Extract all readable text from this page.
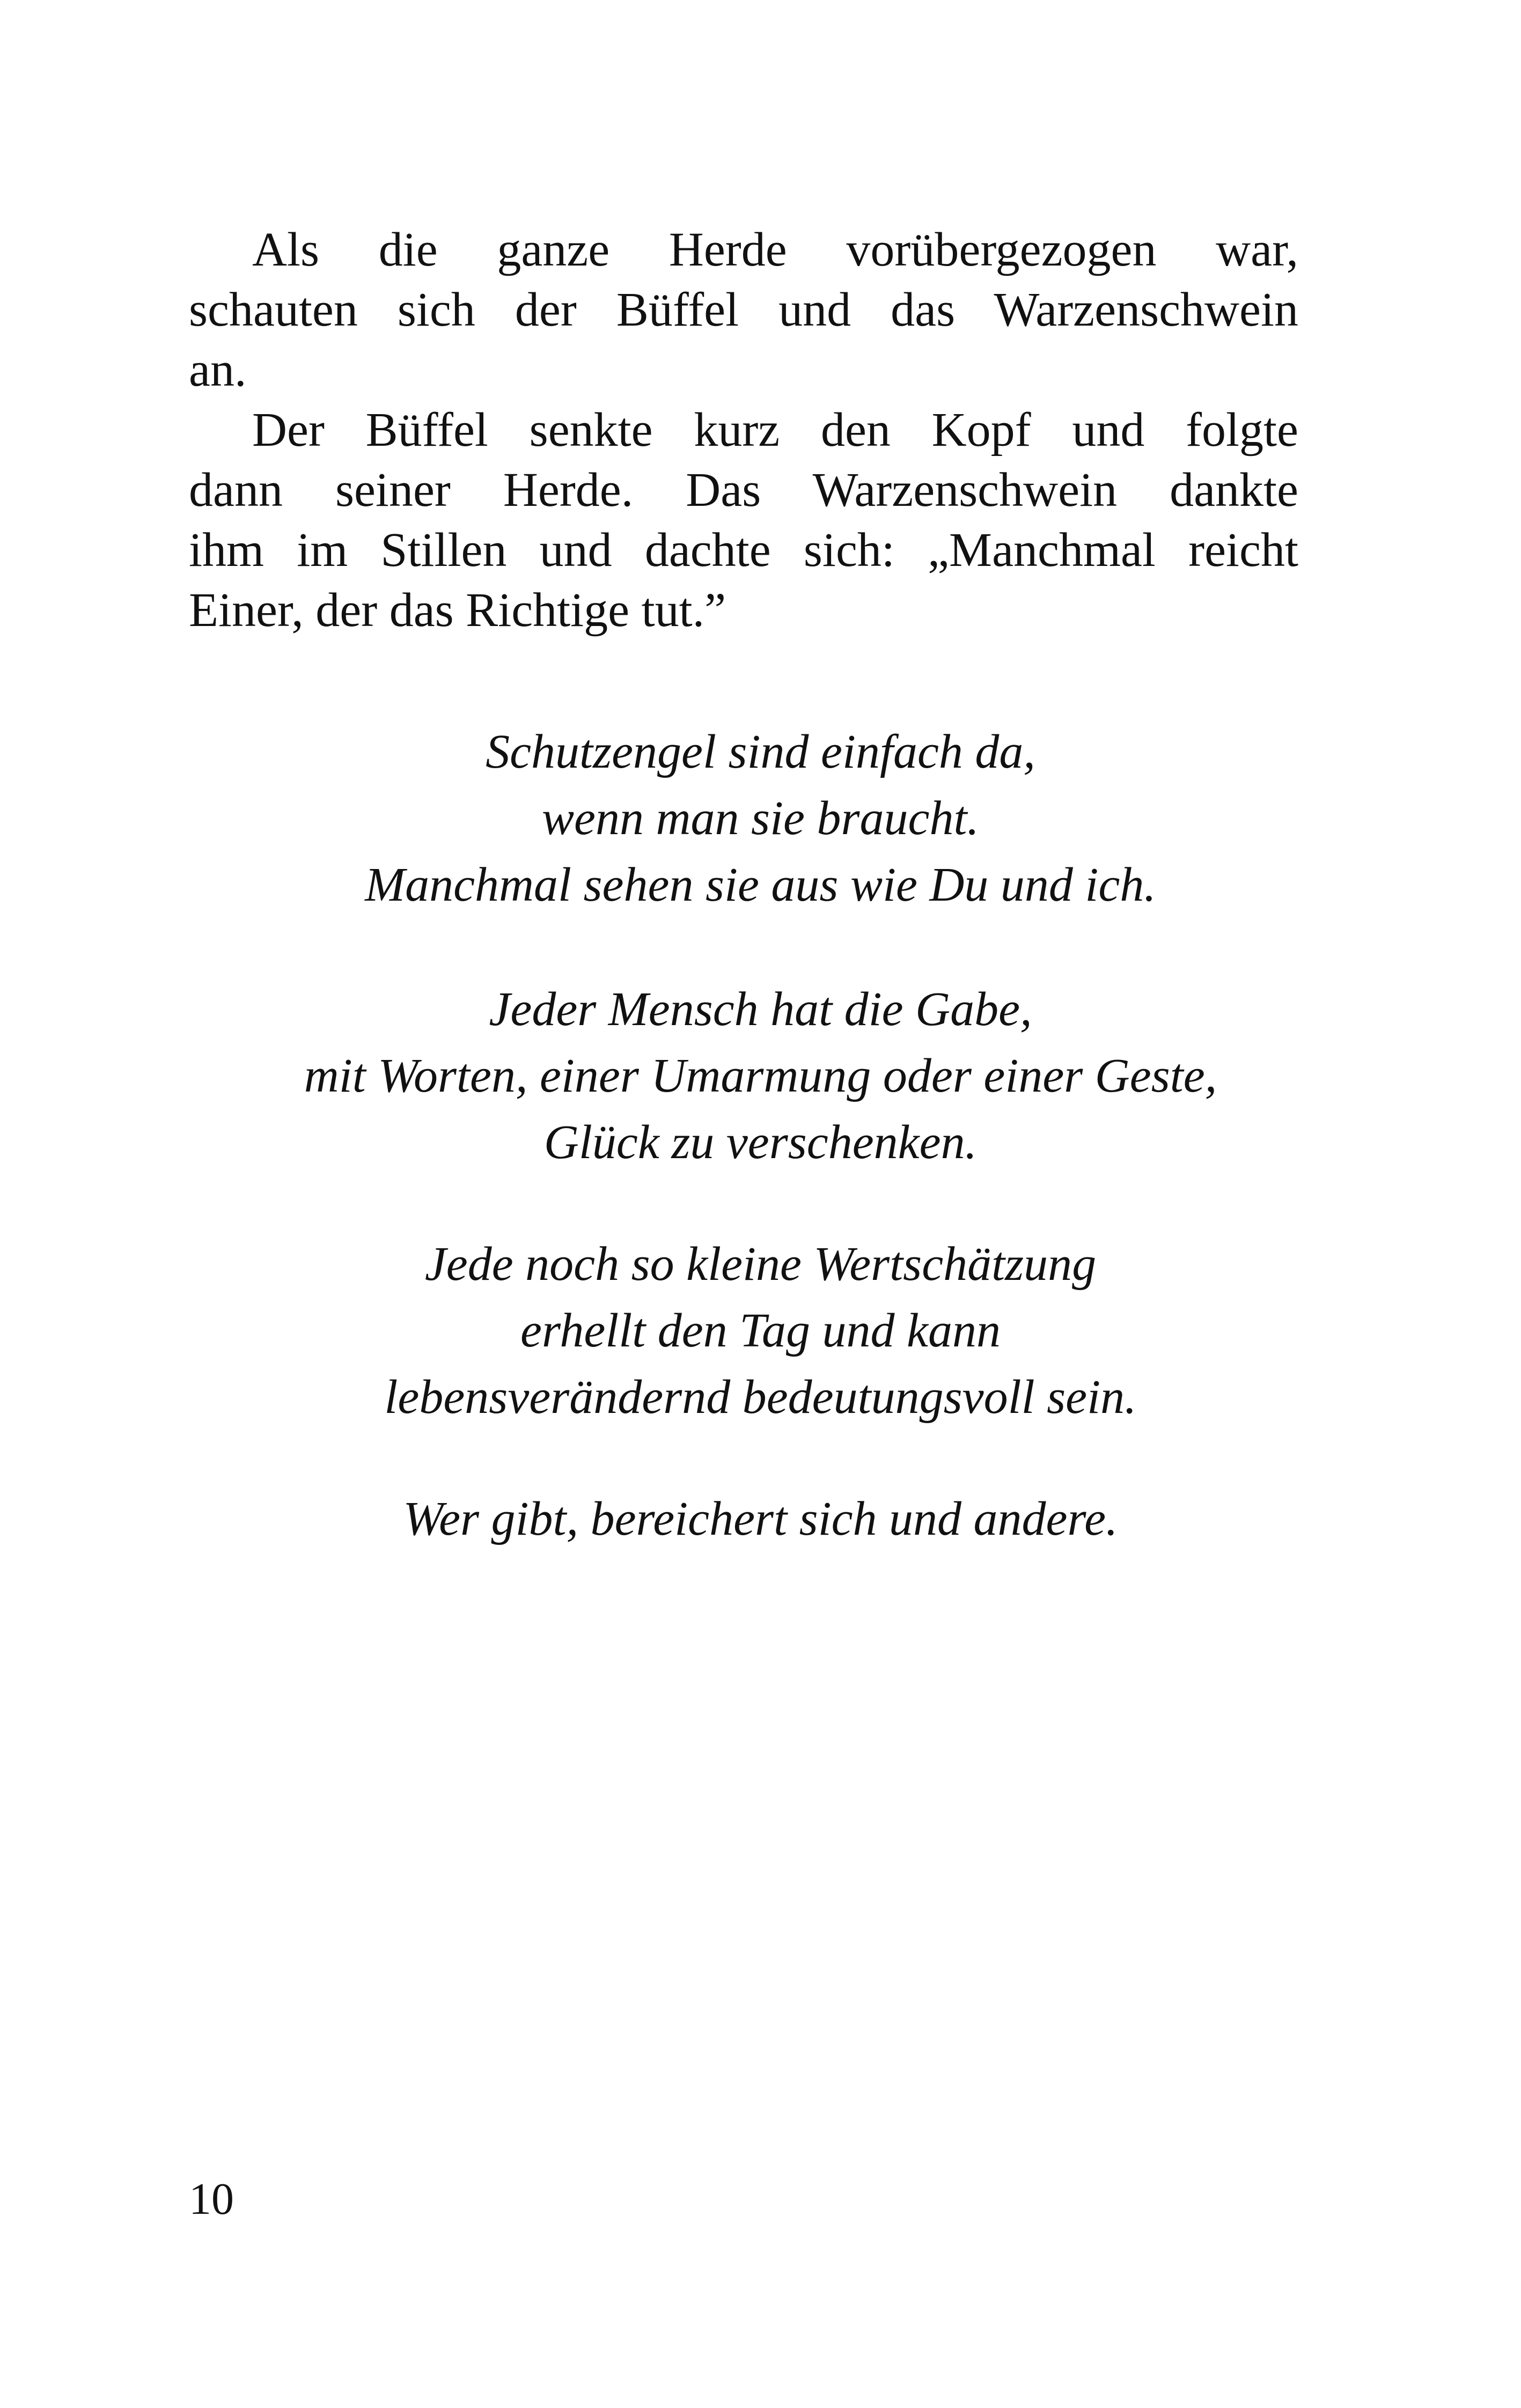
Als die ganze Herde vorübergezogen war,
schauten sich der Büffel und das Warzenschwein
an.
Der Büffel senkte kurz den Kopf und folgte
dann seiner Herde. Das Warzenschwein dankte
ihm im Stillen und dachte sich: „Manchmal reicht
Einer, der das Richtige tut.”
Schutzengel sind einfach da,
wenn man sie braucht.
Manchmal sehen sie aus wie Du und ich.
Jeder Mensch hat die Gabe,
mit Worten, einer Umarmung oder einer Geste,
Glück zu verschenken.
Jede noch so kleine Wertschätzung
erhellt den Tag und kann
lebensverändernd bedeutungsvoll sein.
Wer gibt, bereichert sich und andere.
10
